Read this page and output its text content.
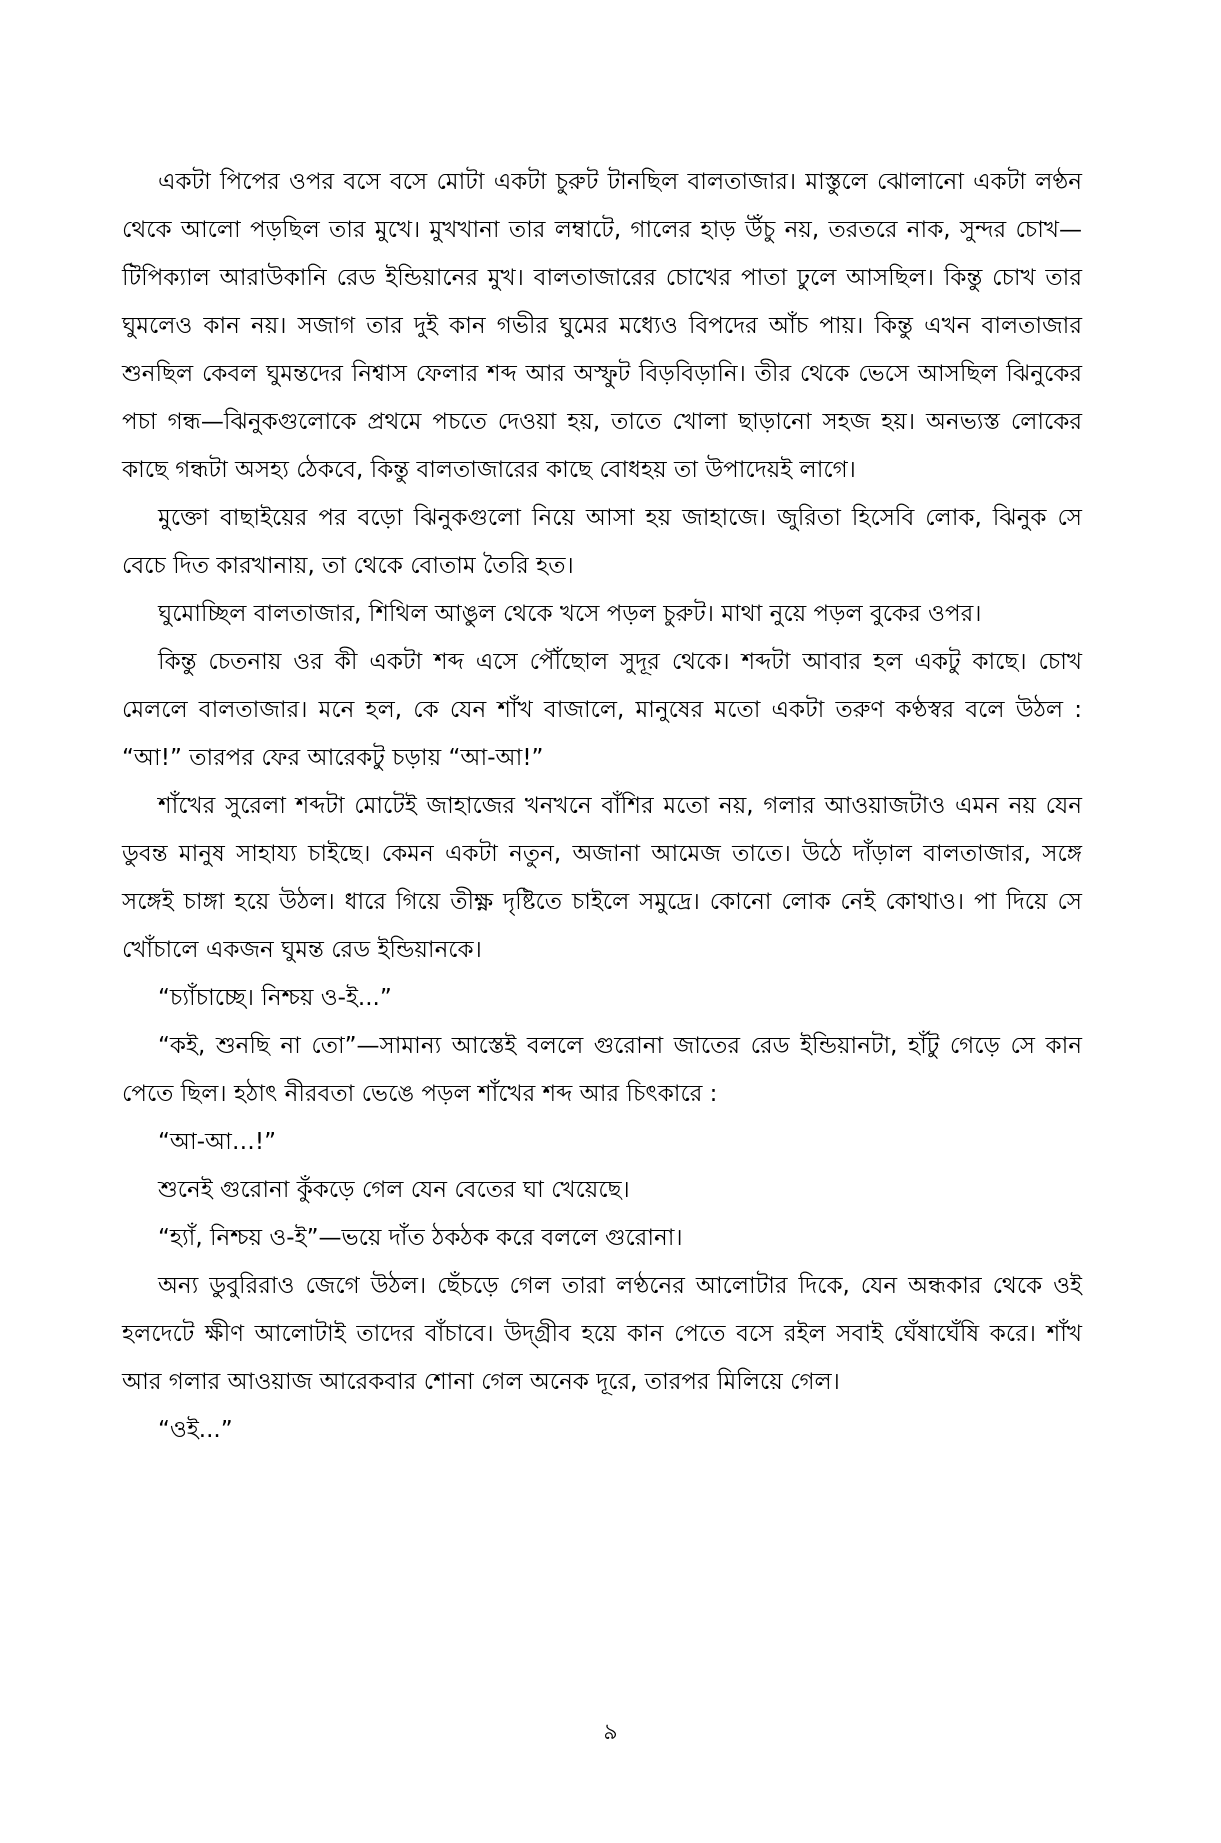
একটা পিপের ওপর বসে বসে মোটা একটা চুরুট টানছিল বালতাজার। মাস্তুলে ঝোলানো একটা লণ্ঠন থেকে আলো পড়ছিল তার মুখে। মুখখানা তার লম্বাটে, গালের হাড় উঁচু নয়, তরতরে নাক, সুন্দর চোখ—টিপিক্যাল আরাউকানি রেড ইন্ডিয়ানের মুখ। বালতাজারের চোখের পাতা ঢুলে আসছিল। কিন্তু চোখ তার ঘুমলেও কান নয়। সজাগ তার দুই কান গভীর ঘুমের মধ্যেও বিপদের আঁচ পায়। কিন্তু এখন বালতাজার শুনছিল কেবল ঘুমন্তদের নিশ্বাস ফেলার শব্দ আর অস্ফুট বিড়বিড়ানি। তীর থেকে ভেসে আসছিল ঝিনুকের পচা গন্ধ—ঝিনুকগুলোকে প্রথমে পচতে দেওয়া হয়, তাতে খোলা ছাড়ানো সহজ হয়। অনভ্যস্ত লোকের কাছে গন্ধটা অসহ্য ঠেকবে, কিন্তু বালতাজারের কাছে বোধহয় তা উপাদেয়ই লাগে।

মুক্তো বাছাইয়ের পর বড়ো ঝিনুকগুলো নিয়ে আসা হয় জাহাজে। জুরিতা হিসেবি লোক, ঝিনুক সে বেচে দিত কারখানায়, তা থেকে বোতাম তৈরি হত।

ঘুমোচ্ছিল বালতাজার, শিথিল আঙুল থেকে খসে পড়ল চুরুট। মাথা নুয়ে পড়ল বুকের ওপর।

কিন্তু চেতনায় ওর কী একটা শব্দ এসে পৌঁছোল সুদূর থেকে। শব্দটা আবার হল একটু কাছে। চোখ মেললে বালতাজার। মনে হল, কে যেন শাঁখ বাজালে, মানুষের মতো একটা তরুণ কণ্ঠস্বর বলে উঠল : “আ!” তারপর ফের আরেকটু চড়ায় “আ-আ!”

শাঁখের সুরেলা শব্দটা মোটেই জাহাজের খনখনে বাঁশির মতো নয়, গলার আওয়াজটাও এমন নয় যেন ডুবন্ত মানুষ সাহায্য চাইছে। কেমন একটা নতুন, অজানা আমেজ তাতে। উঠে দাঁড়াল বালতাজার, সঙ্গে সঙ্গেই চাঙ্গা হয়ে উঠল। ধারে গিয়ে তীক্ষ্ণ দৃষ্টিতে চাইলে সমুদ্রে। কোনো লোক নেই কোথাও। পা দিয়ে সে খোঁচালে একজন ঘুমন্ত রেড ইন্ডিয়ানকে।

“চ্যাঁচাচ্ছে। নিশ্চয় ও-ই...”

“কই, শুনছি না তো”—সামান্য আস্তেই বললে গুরোনা জাতের রেড ইন্ডিয়ানটা, হাঁটু গেড়ে সে কান পেতে ছিল। হঠাৎ নীরবতা ভেঙে পড়ল শাঁখের শব্দ আর চিৎকারে :

“আ-আ…!”

শুনেই গুরোনা কুঁকড়ে গেল যেন বেতের ঘা খেয়েছে।

“হ্যাঁ, নিশ্চয় ও-ই”—ভয়ে দাঁত ঠকঠক করে বললে গুরোনা।

অন্য ডুবুরিরাও জেগে উঠল। ছেঁচড়ে গেল তারা লণ্ঠনের আলোটার দিকে, যেন অন্ধকার থেকে ওই হলদেটে ক্ষীণ আলোটাই তাদের বাঁচাবে। উদ্‌গ্রীব হয়ে কান পেতে বসে রইল সবাই ঘেঁষাঘেঁষি করে। শাঁখ আর গলার আওয়াজ আরেকবার শোনা গেল অনেক দূরে, তারপর মিলিয়ে গেল।

“ওই...”

৯
